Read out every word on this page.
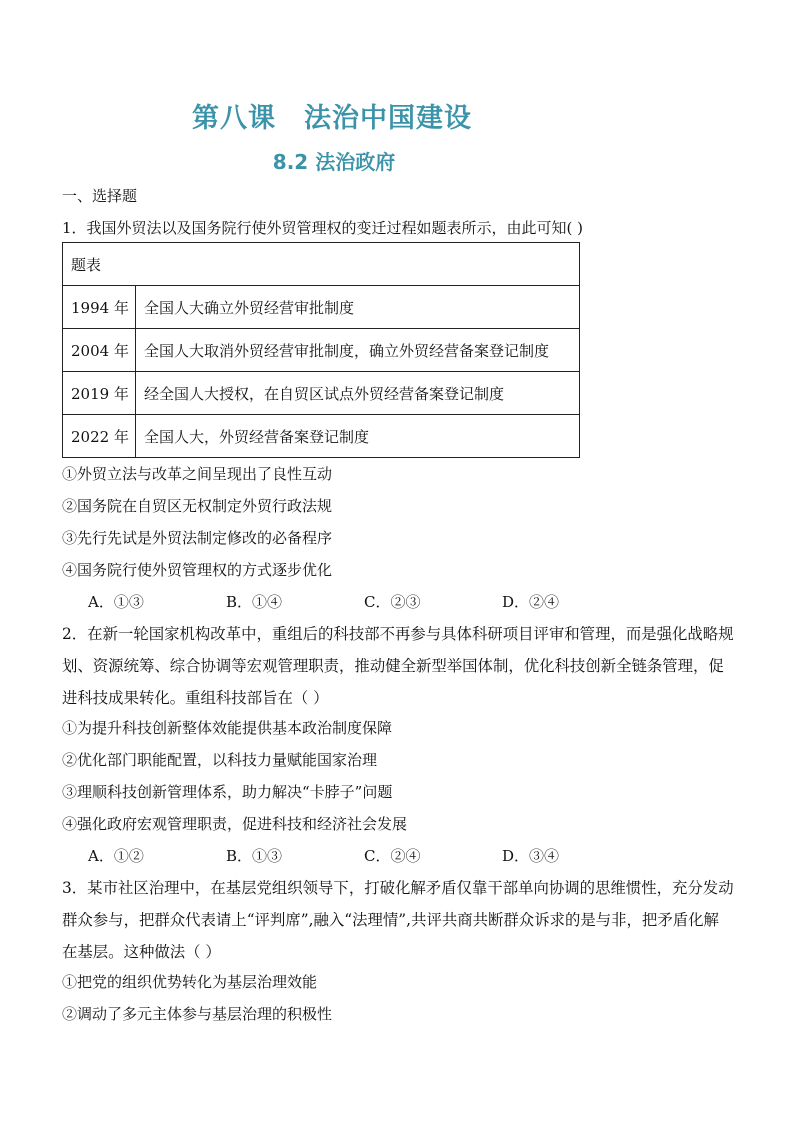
第八课　法治中国建设
8.2 法治政府
一、选择题
1．我国外贸法以及国务院行使外贸管理权的变迁过程如题表所示，由此可知( )
题表	
1994 年	全国人大确立外贸经营审批制度
2004 年	全国人大取消外贸经营审批制度，确立外贸经营备案登记制度
2019 年	经全国人大授权，在自贸区试点外贸经营备案登记制度
2022 年	全国人大，外贸经营备案登记制度
①外贸立法与改革之间呈现出了良性互动
②国务院在自贸区无权制定外贸行政法规
③先行先试是外贸法制定修改的必备程序
④国务院行使外贸管理权的方式逐步优化
A．①③	B．①④	C．②③	D．②④
2．在新一轮国家机构改革中，重组后的科技部不再参与具体科研项目评审和管理，而是强化战略规划、资源统筹、综合协调等宏观管理职责，推动健全新型举国体制，优化科技创新全链条管理，促进科技成果转化。重组科技部旨在（ ）
①为提升科技创新整体效能提供基本政治制度保障
②优化部门职能配置，以科技力量赋能国家治理
③理顺科技创新管理体系，助力解决“卡脖子”问题
④强化政府宏观管理职责，促进科技和经济社会发展
A．①②	B．①③	C．②④	D．③④
3．某市社区治理中，在基层党组织领导下，打破化解矛盾仅靠干部单向协调的思维惯性，充分发动群众参与，把群众代表请上“评判席”,融入“法理情”,共评共商共断群众诉求的是与非，把矛盾化解在基层。这种做法（ ）
①把党的组织优势转化为基层治理效能
②调动了多元主体参与基层治理的积极性
